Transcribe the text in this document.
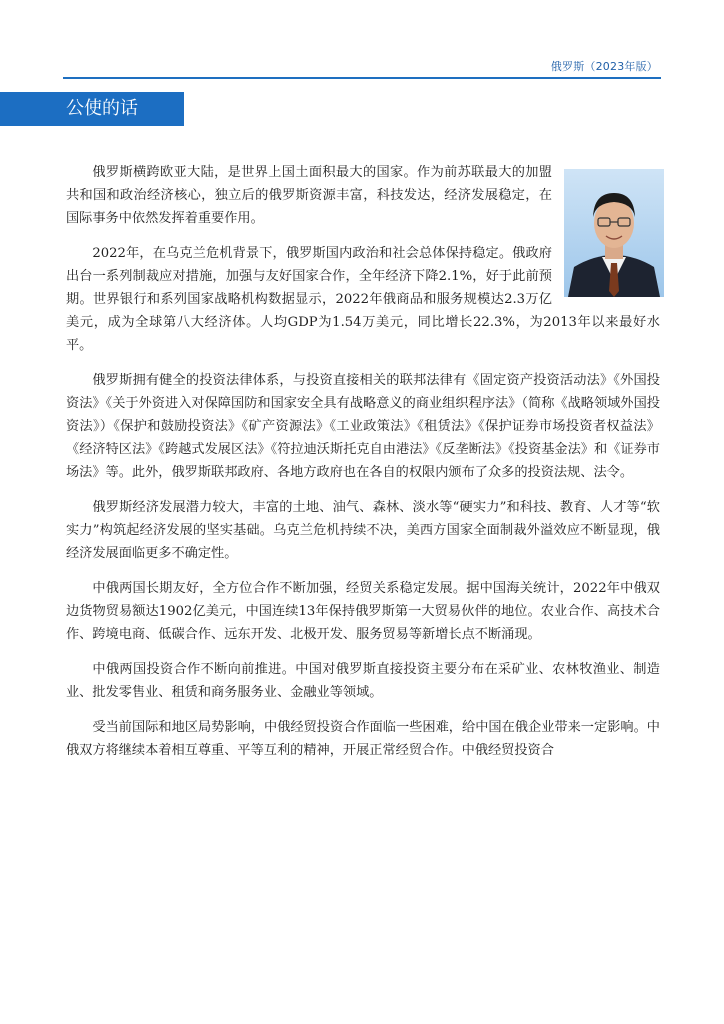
俄罗斯（2023年版）
公使的话

俄罗斯横跨欧亚大陆，是世界上国土面积最大的国家。作为前苏联最大的加盟共和国和政治经济核心，独立后的俄罗斯资源丰富，科技发达，经济发展稳定，在国际事务中依然发挥着重要作用。

2022年，在乌克兰危机背景下，俄罗斯国内政治和社会总体保持稳定。俄政府出台一系列制裁应对措施，加强与友好国家合作，全年经济下降2.1%，好于此前预期。世界银行和系列国家战略机构数据显示，2022年俄商品和服务规模达2.3万亿美元，成为全球第八大经济体。人均GDP为1.54万美元，同比增长22.3%，为2013年以来最好水平。

俄罗斯拥有健全的投资法律体系，与投资直接相关的联邦法律有《固定资产投资活动法》《外国投资法》《关于外资进入对保障国防和国家安全具有战略意义的商业组织程序法》（简称《战略领域外国投资法》）《保护和鼓励投资法》《矿产资源法》《工业政策法》《租赁法》《保护证券市场投资者权益法》《经济特区法》《跨越式发展区法》《符拉迪沃斯托克自由港法》《反垄断法》《投资基金法》和《证券市场法》等。此外，俄罗斯联邦政府、各地方政府也在各自的权限内颁布了众多的投资法规、法令。

俄罗斯经济发展潜力较大，丰富的土地、油气、森林、淡水等“硬实力”和科技、教育、人才等“软实力”构筑起经济发展的坚实基础。乌克兰危机持续不决，美西方国家全面制裁外溢效应不断显现，俄经济发展面临更多不确定性。

中俄两国长期友好，全方位合作不断加强，经贸关系稳定发展。据中国海关统计，2022年中俄双边货物贸易额达1902亿美元，中国连续13年保持俄罗斯第一大贸易伙伴的地位。农业合作、高技术合作、跨境电商、低碳合作、远东开发、北极开发、服务贸易等新增长点不断涌现。

中俄两国投资合作不断向前推进。中国对俄罗斯直接投资主要分布在采矿业、农林牧渔业、制造业、批发零售业、租赁和商务服务业、金融业等领域。

受当前国际和地区局势影响，中俄经贸投资合作面临一些困难，给中国在俄企业带来一定影响。中俄双方将继续本着相互尊重、平等互利的精神，开展正常经贸合作。中俄经贸投资合
